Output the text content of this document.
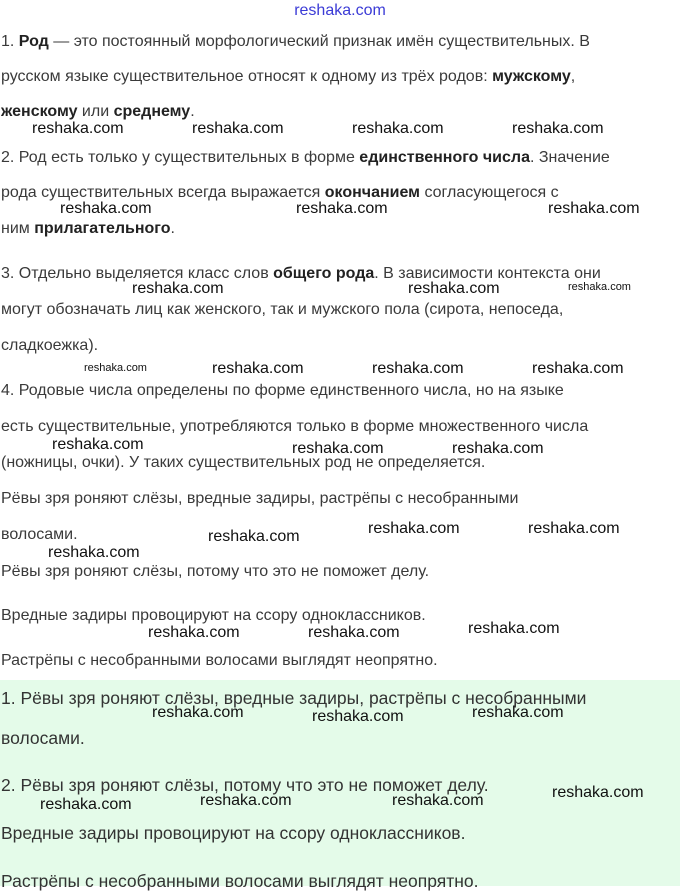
reshaka.com
1. Род — это постоянный морфологический признак имён существительных. В
русском языке существительное относят к одному из трёх родов: мужскому,
женскому или среднему.
2. Род есть только у существительных в форме единственного числа. Значение
рода существительных всегда выражается окончанием согласующегося с
ним прилагательного.
3. Отдельно выделяется класс слов общего рода. В зависимости контекста они
могут обозначать лиц как женского, так и мужского пола (сирота, непоседа,
сладкоежка).
4. Родовые числа определены по форме единственного числа, но на языке
есть существительные, употребляются только в форме множественного числа
(ножницы, очки). У таких существительных род не определяется.
Рёвы зря роняют слёзы, вредные задиры, растрёпы с несобранными
волосами.
Рёвы зря роняют слёзы, потому что это не поможет делу.
Вредные задиры провоцируют на ссору одноклассников.
Растрёпы с несобранными волосами выглядят неопрятно.
1. Рёвы зря роняют слёзы, вредные задиры, растрёпы с несобранными
волосами.
2. Рёвы зря роняют слёзы, потому что это не поможет делу.
Вредные задиры провоцируют на ссору одноклассников.
Растрёпы с несобранными волосами выглядят неопрятно.
reshaka.com	reshaka.com	reshaka.com	reshaka.com
reshaka.com	reshaka.com	reshaka.com
reshaka.com	reshaka.com	reshaka.com
reshaka.com	reshaka.com	reshaka.com	reshaka.com
reshaka.com	reshaka.com	reshaka.com
reshaka.com	reshaka.com
reshaka.com
reshaka.com
reshaka.com	reshaka.com	reshaka.com
reshaka.com	reshaka.com	reshaka.com
reshaka.com	reshaka.com	reshaka.com	reshaka.com
